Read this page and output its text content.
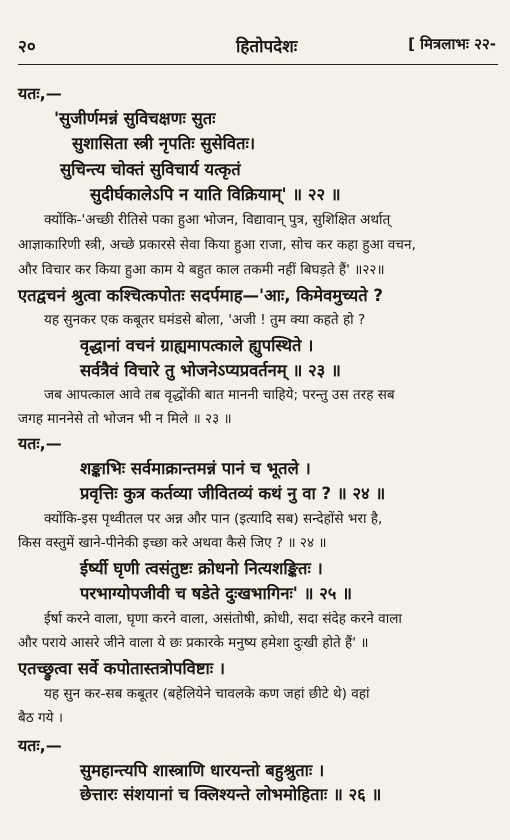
२०	हितोपदेशः	[ मित्रलाभः २२-
यतः,—
'सुजीर्णमन्नं सुविचक्षणः सुतः
सुशासिता स्त्री नृपतिः सुसेवितः।
सुचिन्त्य चोक्तं सुविचार्य यत्कृतं
सुदीर्घकालेऽपि न याति विक्रियाम्' ॥ २२ ॥
क्योंकि-'अच्छी रीतिसे पका हुआ भोजन, विद्यावान् पुत्र, सुशिक्षित अर्थात्
आज्ञाकारिणी स्त्री, अच्छे प्रकारसे सेवा किया हुआ राजा, सोच कर कहा हुआ वचन,
और विचार कर किया हुआ काम ये बहुत काल तकमी नहीं बिघड़ते हैं' ॥२२॥
एतद्वचनं श्रुत्वा कश्चित्कपोतः सदर्पमाह—'आः, किमेवमुच्यते ?
यह सुनकर एक कबूतर घमंडसे बोला, 'अजी ! तुम क्या कहते हो ?
वृद्धानां वचनं ग्राह्यमापत्काले ह्युपस्थिते ।
सर्वत्रैवं विचारे तु भोजनेऽप्यप्रवर्तनम् ॥ २३ ॥
जब आपत्काल आवे तब वृद्धोंकी बात माननी चाहिये; परन्तु उस तरह सब
जगह माननेसे तो भोजन भी न मिले ॥ २३ ॥
यतः,—
शङ्काभिः सर्वमाक्रान्तमन्नं पानं च भूतले ।
प्रवृत्तिः कुत्र कर्तव्या जीवितव्यं कथं नु वा ? ॥ २४ ॥
क्योंकि-इस पृथ्वीतल पर अन्न और पान (इत्यादि सब) सन्देहोंसे भरा है,
किस वस्तुमें खाने-पीनेकी इच्छा करे अथवा कैसे जिए ? ॥ २४ ॥
ईर्ष्यी घृणी त्वसंतुष्टः क्रोधनो नित्यशङ्कितः ।
परभाग्योपजीवी च षडेते दुःखभागिनः' ॥ २५ ॥
ईर्षा करने वाला, घृणा करने वाला, असंतोषी, क्रोधी, सदा संदेह करने वाला
और पराये आसरे जीने वाला ये छः प्रकारके मनुष्य हमेशा दुःखी होते हैं' ॥
एतच्छ्रुत्वा सर्वे कपोतास्तत्रोपविष्टाः ।
यह सुन कर-सब कबूतर (बहेलियेने चावलके कण जहां छीटे थे) वहां
बैठ गये ।
यतः,—
सुमहान्त्यपि शास्त्राणि धारयन्तो बहुश्रुताः ।
छेत्तारः संशयानां च क्लिश्यन्ते लोभमोहिताः ॥ २६ ॥
